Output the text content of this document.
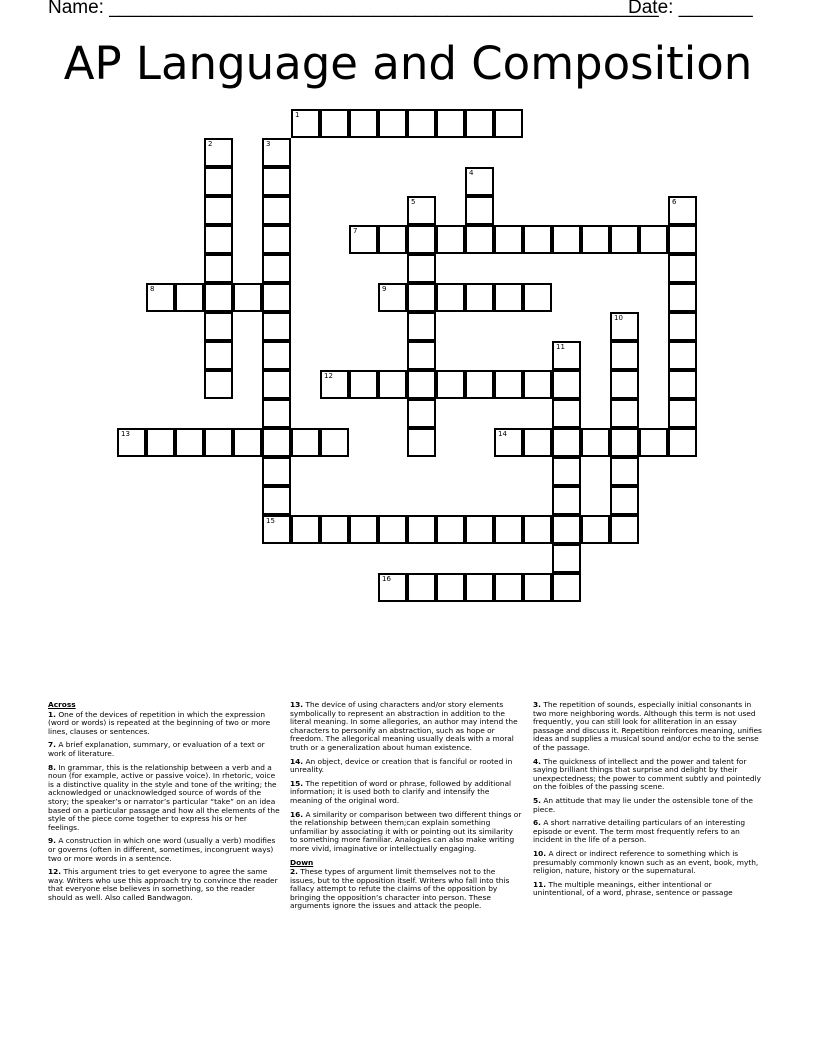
Name: ____________________________________________________
Date: _______
AP Language and Composition
1
2	3
4
5	6
7
8	9
10
11
12
13	14
15
16
Across
1. One of the devices of repetition in which the expression (word or words) is repeated at the beginning of two or more lines, clauses or sentences.
7. A brief explanation, summary, or evaluation of a text or work of literature.
8. In grammar, this is the relationship between a verb and a noun (for example, active or passive voice). In rhetoric, voice is a distinctive quality in the style and tone of the writing; the acknowledged or unacknowledged source of words of the story; the speaker’s or narrator’s particular “take” on an idea based on a particular passage and how all the elements of the style of the piece come together to express his or her feelings.
9. A construction in which one word (usually a verb) modifies or governs (often in different, sometimes, incongruent ways) two or more words in a sentence.
12. This argument tries to get everyone to agree the same way. Writers who use this approach try to convince the reader that everyone else believes in something, so the reader should as well. Also called Bandwagon.
13. The device of using characters and/or story elements symbolically to represent an abstraction in addition to the literal meaning. In some allegories, an author may intend the characters to personify an abstraction, such as hope or freedom. The allegorical meaning usually deals with a moral truth or a generalization about human existence.
14. An object, device or creation that is fanciful or rooted in unreality.
15. The repetition of word or phrase, followed by additional information; it is used both to clarify and intensify the meaning of the original word.
16. A similarity or comparison between two different things or the relationship between them;can explain something unfamiliar by associating it with or pointing out its similarity to something more familiar. Analogies can also make writing more vivid, imaginative or intellectually engaging.
Down
2. These types of argument limit themselves not to the issues, but to the opposition itself. Writers who fall into this fallacy attempt to refute the claims of the opposition by bringing the opposition’s character into person. These arguments ignore the issues and attack the people.
3. The repetition of sounds, especially initial consonants in two more neighboring words. Although this term is not used frequently, you can still look for alliteration in an essay passage and discuss it. Repetition reinforces meaning, unifies ideas and supplies a musical sound and/or echo to the sense of the passage.
4. The quickness of intellect and the power and talent for saying brilliant things that surprise and delight by their unexpectedness; the power to comment subtly and pointedly on the foibles of the passing scene.
5. An attitude that may lie under the ostensible tone of the piece.
6. A short narrative detailing particulars of an interesting episode or event. The term most frequently refers to an incident in the life of a person.
10. A direct or indirect reference to something which is presumably commonly known such as an event, book, myth, religion, nature, history or the supernatural.
11. The multiple meanings, either intentional or unintentional, of a word, phrase, sentence or passage
